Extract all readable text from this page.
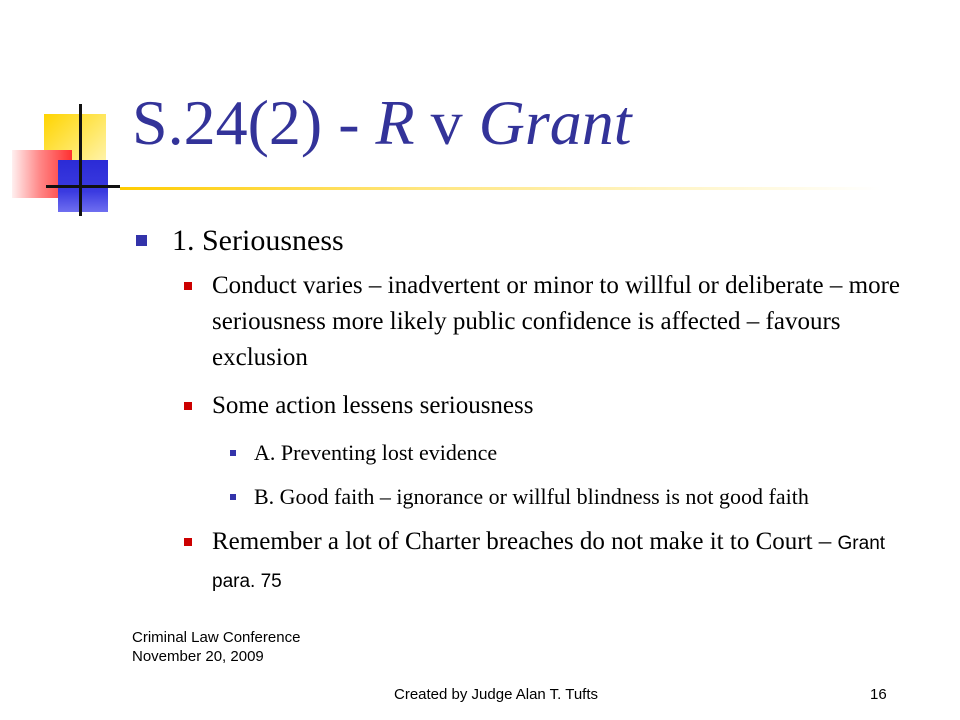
S.24(2) - R v Grant
1. Seriousness
Conduct varies – inadvertent or minor to willful or deliberate – more seriousness more likely public confidence is affected – favours exclusion
Some action lessens seriousness
A. Preventing lost evidence
B. Good faith – ignorance or willful blindness is not good faith
Remember a lot of Charter breaches do not make it to Court – Grant para. 75
Criminal Law Conference November 20, 2009
Created by Judge Alan T. Tufts	16
